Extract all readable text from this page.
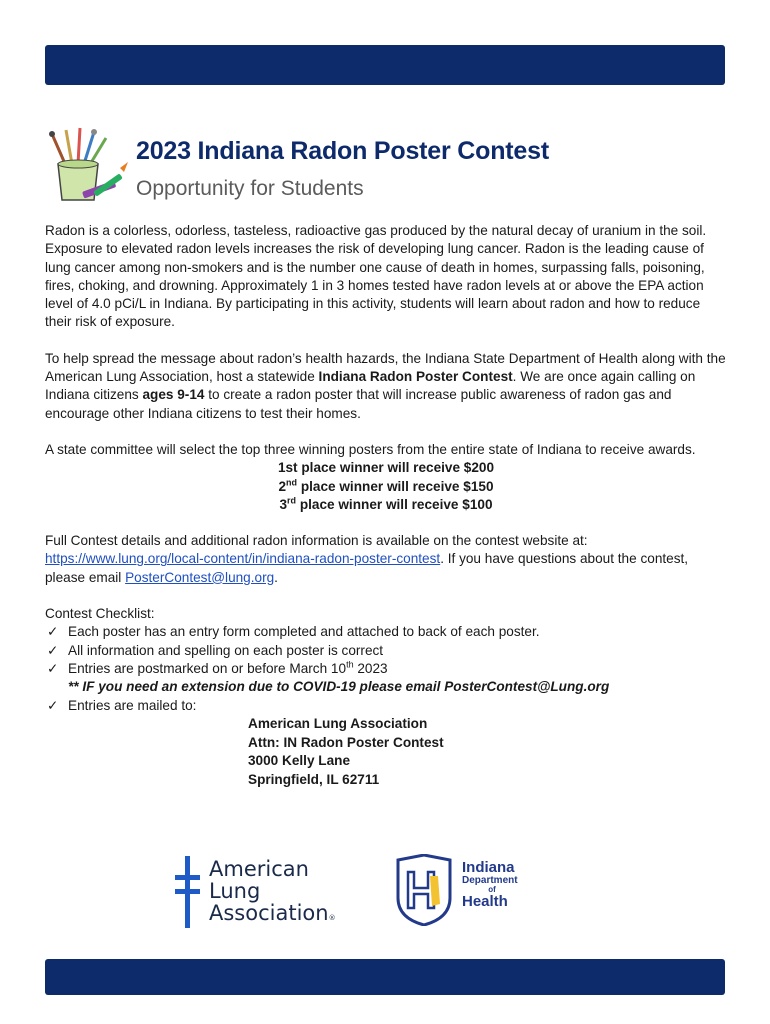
2023 Indiana Radon Poster Contest
Opportunity for Students

Radon is a colorless, odorless, tasteless, radioactive gas produced by the natural decay of uranium in the soil. Exposure to elevated radon levels increases the risk of developing lung cancer. Radon is the leading cause of lung cancer among non-smokers and is the number one cause of death in homes, surpassing falls, poisoning, fires, choking, and drowning. Approximately 1 in 3 homes tested have radon levels at or above the EPA action level of 4.0 pCi/L in Indiana. By participating in this activity, students will learn about radon and how to reduce their risk of exposure.

To help spread the message about radon’s health hazards, the Indiana State Department of Health along with the American Lung Association, host a statewide Indiana Radon Poster Contest. We are once again calling on Indiana citizens ages 9-14 to create a radon poster that will increase public awareness of radon gas and encourage other Indiana citizens to test their homes.

A state committee will select the top three winning posters from the entire state of Indiana to receive awards.

1st place winner will receive $200
2nd place winner will receive $150
3rd place winner will receive $100

Full Contest details and additional radon information is available on the contest website at: https://www.lung.org/local-content/in/indiana-radon-poster-contest. If you have questions about the contest, please email PosterContest@lung.org.

Contest Checklist:

✓ Each poster has an entry form completed and attached to back of each poster.
✓ All information and spelling on each poster is correct
✓ Entries are postmarked on or before March 10th 2023
** IF you need an extension due to COVID-19 please email PosterContest@Lung.org
✓ Entries are mailed to:
American Lung Association
Attn: IN Radon Poster Contest
3000 Kelly Lane
Springfield, IL 62711
American
Lung
Association®
Indiana
Department
of
Health
